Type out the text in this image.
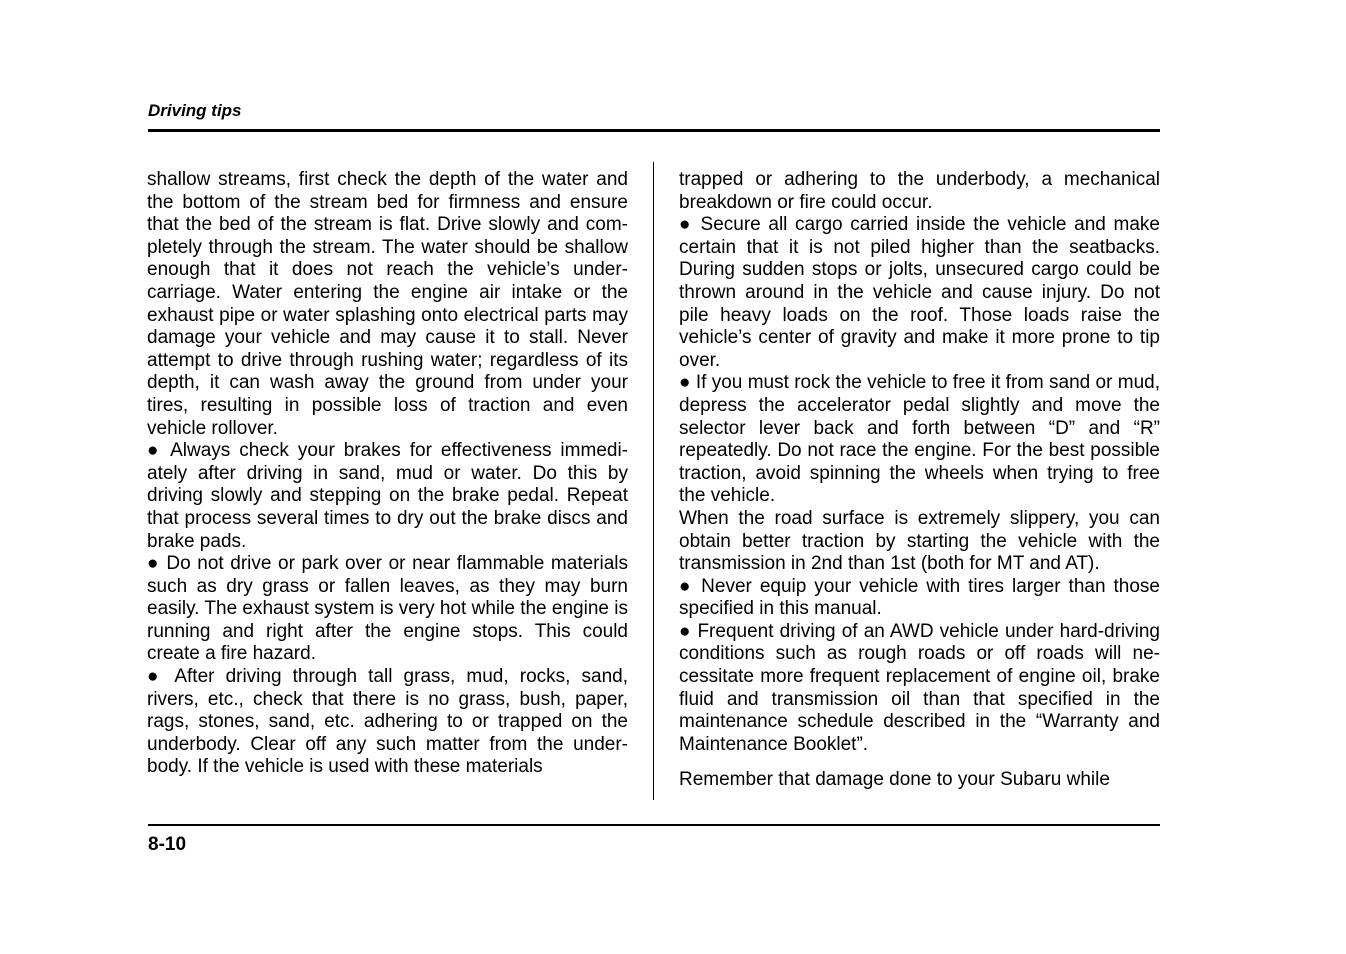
Driving tips

shallow streams, first check the depth of the water and the bottom of the stream bed for firmness and ensure that the bed of the stream is flat. Drive slowly and completely through the stream. The water should be shallow enough that it does not reach the vehicle’s undercarriage. Water entering the engine air intake or the exhaust pipe or water splashing onto electrical parts may damage your vehicle and may cause it to stall. Never attempt to drive through rushing water; regardless of its depth, it can wash away the ground from under your tires, resulting in possible loss of traction and even vehicle rollover.

● Always check your brakes for effectiveness immediately after driving in sand, mud or water. Do this by driving slowly and stepping on the brake pedal. Repeat that process several times to dry out the brake discs and brake pads.

● Do not drive or park over or near flammable materials such as dry grass or fallen leaves, as they may burn easily. The exhaust system is very hot while the engine is running and right after the engine stops. This could create a fire hazard.

● After driving through tall grass, mud, rocks, sand, rivers, etc., check that there is no grass, bush, paper, rags, stones, sand, etc. adhering to or trapped on the underbody. Clear off any such matter from the underbody. If the vehicle is used with these materials

trapped or adhering to the underbody, a mechanical breakdown or fire could occur.

● Secure all cargo carried inside the vehicle and make certain that it is not piled higher than the seatbacks. During sudden stops or jolts, unsecured cargo could be thrown around in the vehicle and cause injury. Do not pile heavy loads on the roof. Those loads raise the vehicle’s center of gravity and make it more prone to tip over.

● If you must rock the vehicle to free it from sand or mud, depress the accelerator pedal slightly and move the selector lever back and forth between “D” and “R” repeatedly. Do not race the engine. For the best possible traction, avoid spinning the wheels when trying to free the vehicle.

When the road surface is extremely slippery, you can obtain better traction by starting the vehicle with the transmission in 2nd than 1st (both for MT and AT).

● Never equip your vehicle with tires larger than those specified in this manual.

● Frequent driving of an AWD vehicle under hard-driving conditions such as rough roads or off roads will necessitate more frequent replacement of engine oil, brake fluid and transmission oil than that specified in the maintenance schedule described in the “Warranty and Maintenance Booklet”.

Remember that damage done to your Subaru while

8-10
